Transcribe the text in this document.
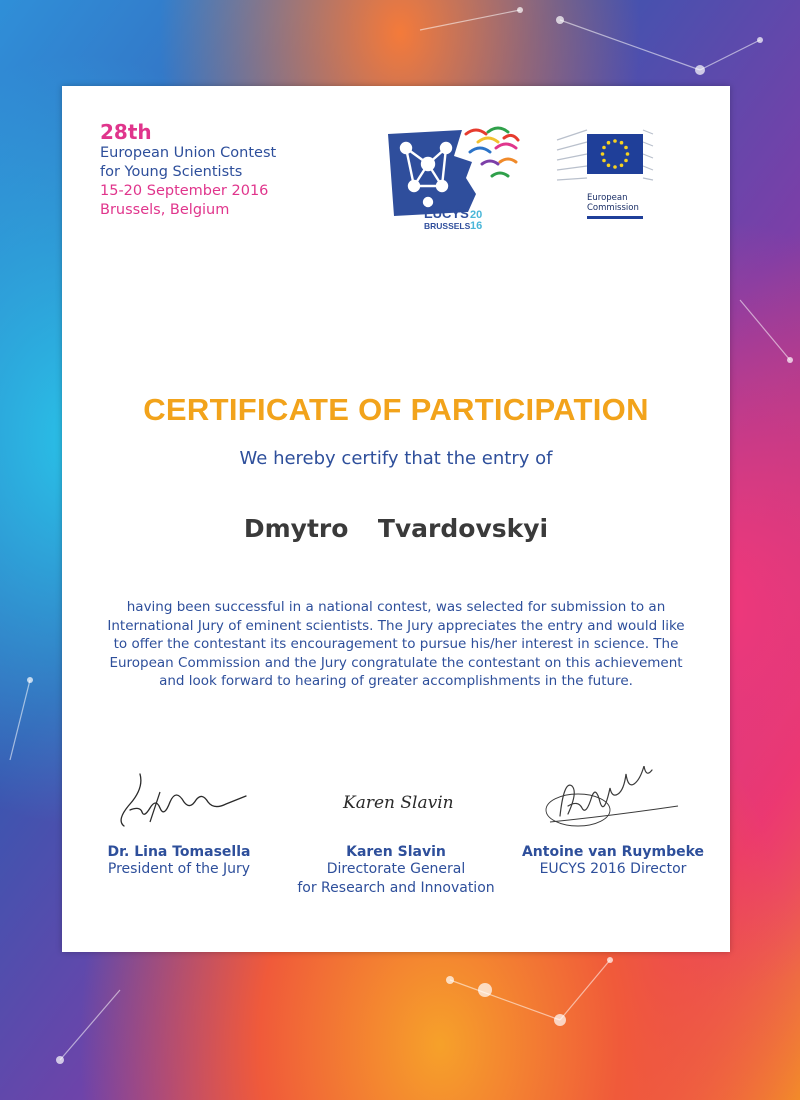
28th
European Union Contest
for Young Scientists
15-20 September 2016
Brussels, Belgium	EUCYS 20
BRUSSELS 16
European
Commission
CERTIFICATE OF PARTICIPATION
We hereby certify that the entry of
Dmytro  Tvardovskyi
having been successful in a national contest, was selected for submission to an International Jury of eminent scientists. The Jury appreciates the entry and would like to offer the contestant its encouragement to pursue his/her interest in science. The European Commission and the Jury congratulate the contestant on this achievement and look forward to hearing of greater accomplishments in the future.
Dr. Lina Tomasella
President of the Jury
Karen Slavin
Karen Slavin
Directorate General
for Research and Innovation
Antoine van Ruymbeke
EUCYS 2016 Director
